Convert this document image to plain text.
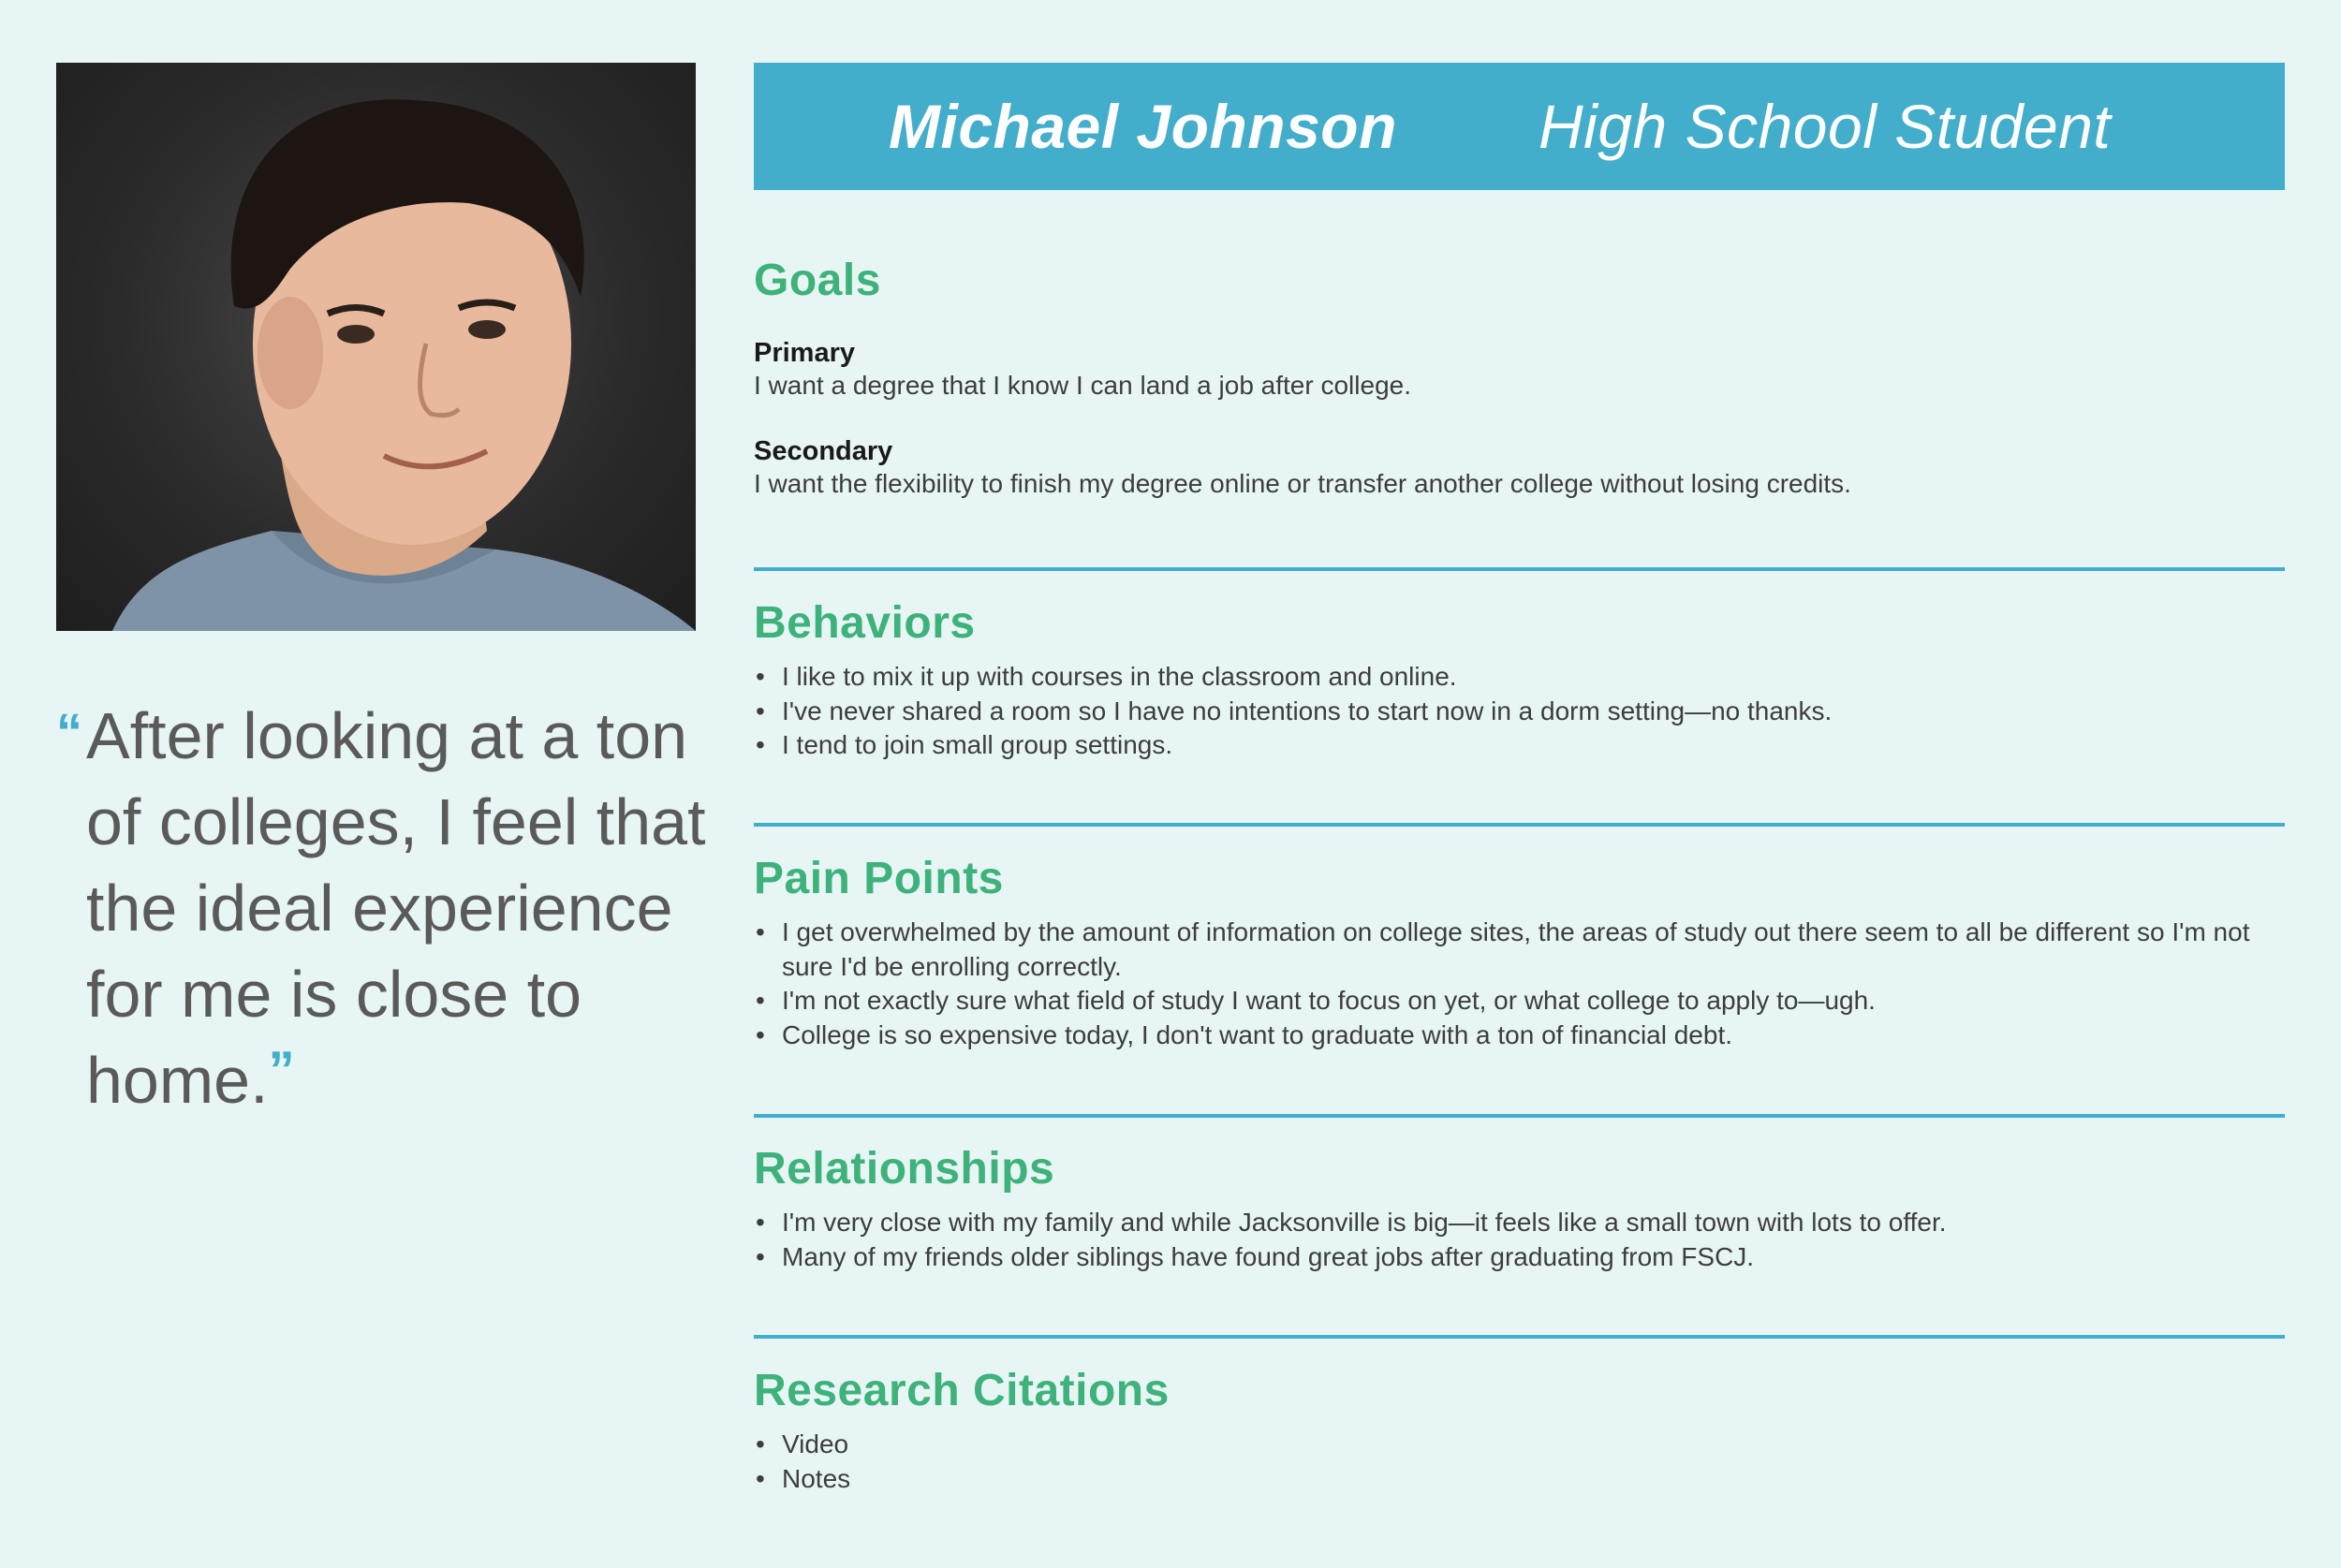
“ After looking at a ton of colleges, I feel that the ideal experience for me is close to home.”
Michael Johnson High School Student
Goals
Primary
I want a degree that I know I can land a job after college.
Secondary
I want the flexibility to finish my degree online or transfer another college without losing credits.
Behaviors
• I like to mix it up with courses in the classroom and online.
• I've never shared a room so I have no intentions to start now in a dorm setting—no thanks.
• I tend to join small group settings.
Pain Points
• I get overwhelmed by the amount of information on college sites, the areas of study out there seem to all be different so I'm not sure I'd be enrolling correctly.
• I'm not exactly sure what field of study I want to focus on yet, or what college to apply to—ugh.
• College is so expensive today, I don't want to graduate with a ton of financial debt.
Relationships
• I'm very close with my family and while Jacksonville is big—it feels like a small town with lots to offer.
• Many of my friends older siblings have found great jobs after graduating from FSCJ.
Research Citations
• Video
• Notes
